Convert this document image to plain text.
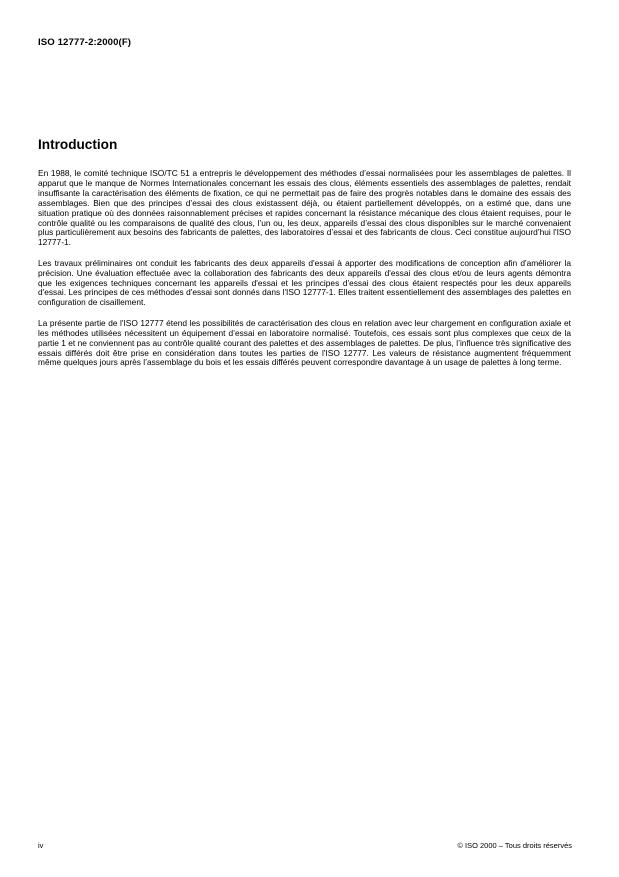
ISO 12777-2:2000(F)
Introduction

En 1988, le comité technique ISO/TC 51 a entrepris le développement des méthodes d’essai normalisées pour les assemblages de palettes. Il apparut que le manque de Normes Internationales concernant les essais des clous, éléments essentiels des assemblages de palettes, rendait insuffisante la caractérisation des éléments de fixation, ce qui ne permettait pas de faire des progrès notables dans le domaine des essais des assemblages. Bien que des principes d’essai des clous existassent déjà, ou étaient partiellement développés, on a estimé que, dans une situation pratique où des données raisonnablement précises et rapides concernant la résistance mécanique des clous étaient requises, pour le contrôle qualité ou les comparaisons de qualité des clous, l’un ou, les deux, appareils d’essai des clous disponibles sur le marché convenaient plus particulièrement aux besoins des fabricants de palettes, des laboratoires d’essai et des fabricants de clous. Ceci constitue aujourd’hui l'ISO 12777-1.

Les travaux préliminaires ont conduit les fabricants des deux appareils d'essai à apporter des modifications de conception afin d'améliorer la précision. Une évaluation effectuée avec la collaboration des fabricants des deux appareils d'essai des clous et/ou de leurs agents démontra que les exigences techniques concernant les appareils d'essai et les principes d'essai des clous étaient respectés pour les deux appareils d'essai. Les principes de ces méthodes d'essai sont donnés dans l'ISO 12777-1. Elles traitent essentiellement des assemblages des palettes en configuration de cisaillement.

La présente partie de l'ISO 12777 étend les possibilités de caractérisation des clous en relation avec leur chargement en configuration axiale et les méthodes utilisées nécessitent un équipement d’essai en laboratoire normalisé. Toutefois, ces essais sont plus complexes que ceux de la partie 1 et ne conviennent pas au contrôle qualité courant des palettes et des assemblages de palettes. De plus, l’influence très significative des essais différés doit être prise en considération dans toutes les parties de l'ISO 12777. Les valeurs de résistance augmentent fréquemment même quelques jours après l’assemblage du bois et les essais différés peuvent correspondre davantage à un usage de palettes à long terme.

iv	© ISO 2000 – Tous droits réservés
